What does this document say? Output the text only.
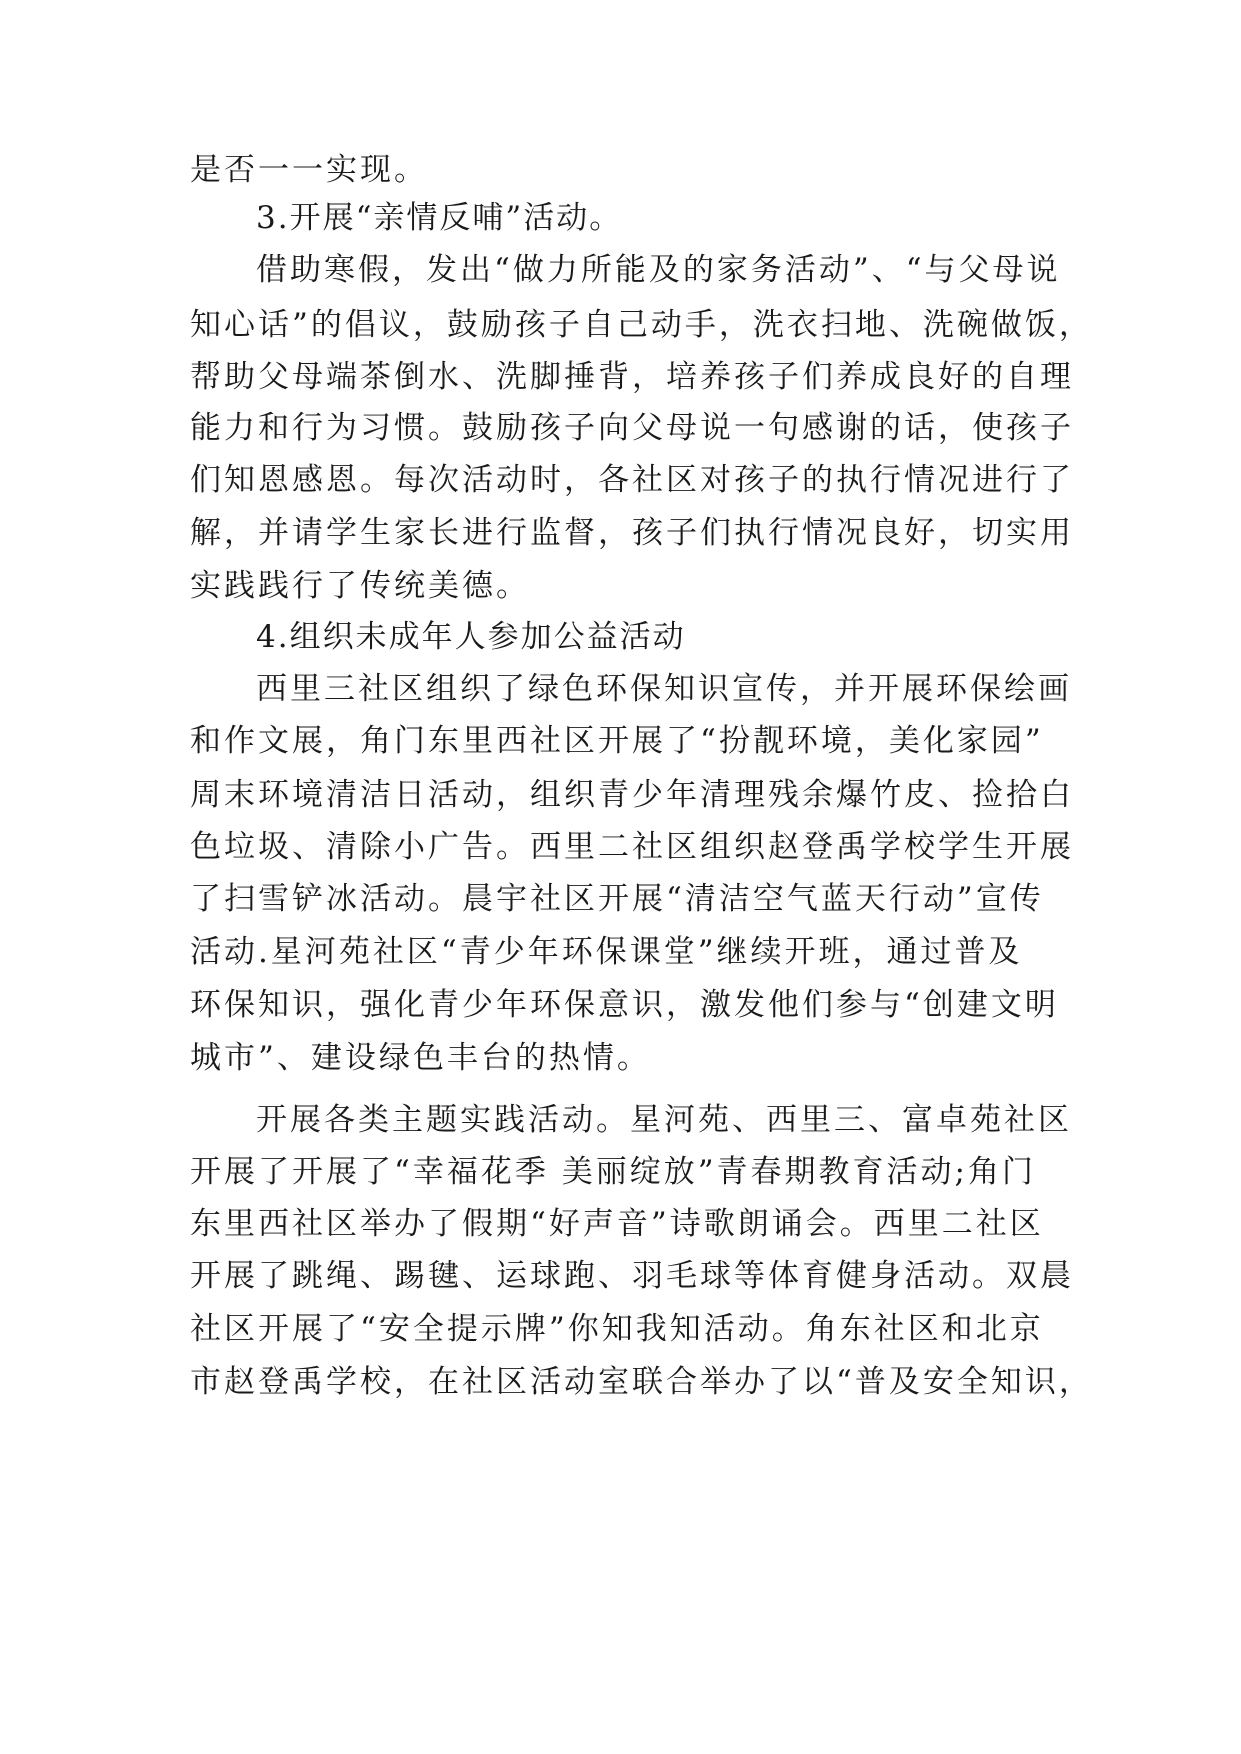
是否一一实现。
3.开展“亲情反哺”活动。
借助寒假，发出“做力所能及的家务活动”、“与父母说
知心话”的倡议，鼓励孩子自己动手，洗衣扫地、洗碗做饭，
帮助父母端茶倒水、洗脚捶背，培养孩子们养成良好的自理
能力和行为习惯。鼓励孩子向父母说一句感谢的话，使孩子
们知恩感恩。每次活动时，各社区对孩子的执行情况进行了
解，并请学生家长进行监督，孩子们执行情况良好，切实用
实践践行了传统美德。
4.组织未成年人参加公益活动
西里三社区组织了绿色环保知识宣传，并开展环保绘画
和作文展，角门东里西社区开展了“扮靓环境，美化家园”
周末环境清洁日活动，组织青少年清理残余爆竹皮、捡拾白
色垃圾、清除小广告。西里二社区组织赵登禹学校学生开展
了扫雪铲冰活动。晨宇社区开展“清洁空气蓝天行动”宣传
活动.星河苑社区“青少年环保课堂”继续开班，通过普及
环保知识，强化青少年环保意识，激发他们参与“创建文明
城市”、建设绿色丰台的热情。
开展各类主题实践活动。星河苑、西里三、富卓苑社区
开展了开展了“幸福花季 美丽绽放”青春期教育活动;角门
东里西社区举办了假期“好声音”诗歌朗诵会。西里二社区
开展了跳绳、踢毽、运球跑、羽毛球等体育健身活动。双晨
社区开展了“安全提示牌”你知我知活动。角东社区和北京
市赵登禹学校，在社区活动室联合举办了以“普及安全知识，
